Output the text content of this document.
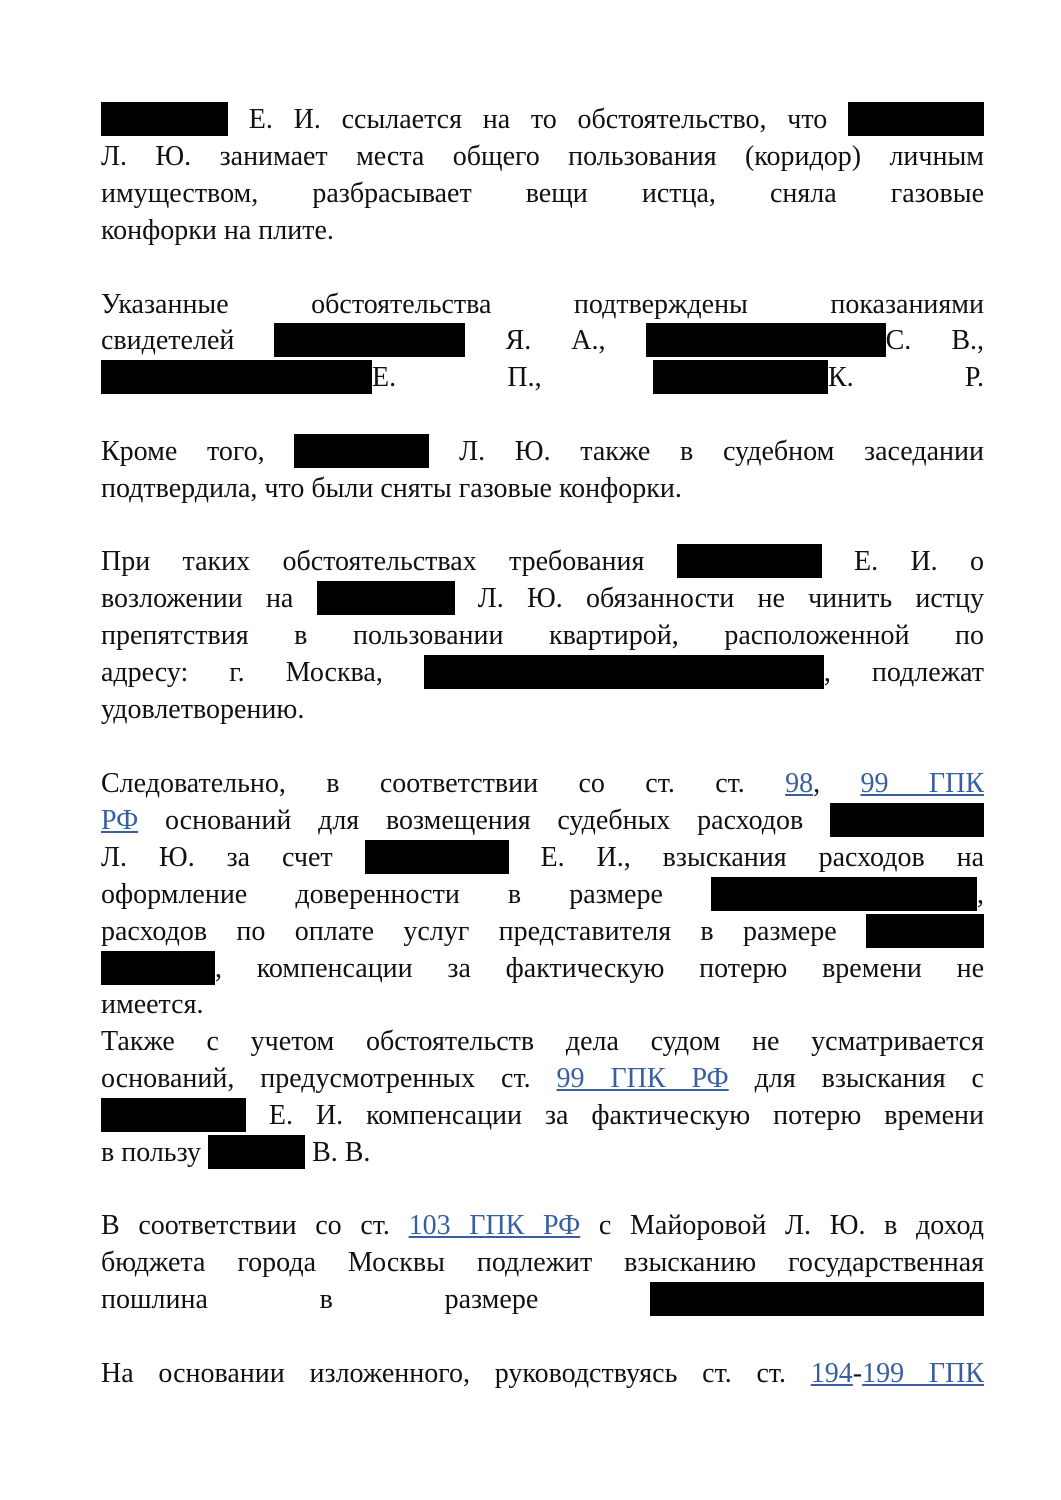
Е. И. ссылается на то обстоятельство, что
Л. Ю. занимает места общего пользования (коридор) личным
имуществом, разбрасывает вещи истца, сняла газовые
конфорки на плите.
Указанные обстоятельства подтверждены показаниями
свидетелей	Я. А.,	С. В.,
Е. П.,	К. Р.
Кроме того,	Л. Ю. также в судебном заседании
подтвердила, что были сняты газовые конфорки.
При таких обстоятельствах требования	Е. И. о
возложении на	Л. Ю. обязанности не чинить истцу
препятствия в пользовании квартирой, расположенной по
адресу: г. Москва,	, подлежат
удовлетворению.
Следовательно, в соответствии со ст. ст. 98, 99 ГПК
РФ оснований для возмещения судебных расходов
Л. Ю. за счет	Е. И., взыскания расходов на
оформление доверенности в размере	,
расходов по оплате услуг представителя в размере
, компенсации за фактическую потерю времени не
имеется.
Также с учетом обстоятельств дела судом не усматривается
оснований, предусмотренных ст. 99 ГПК РФ для взыскания с
Е. И. компенсации за фактическую потерю времени
в пользу	В. В.
В соответствии со ст. 103 ГПК РФ с Майоровой Л. Ю. в доход
бюджета города Москвы подлежит взысканию государственная
пошлина в размере
На основании изложенного, руководствуясь ст. ст. 194-199 ГПК
